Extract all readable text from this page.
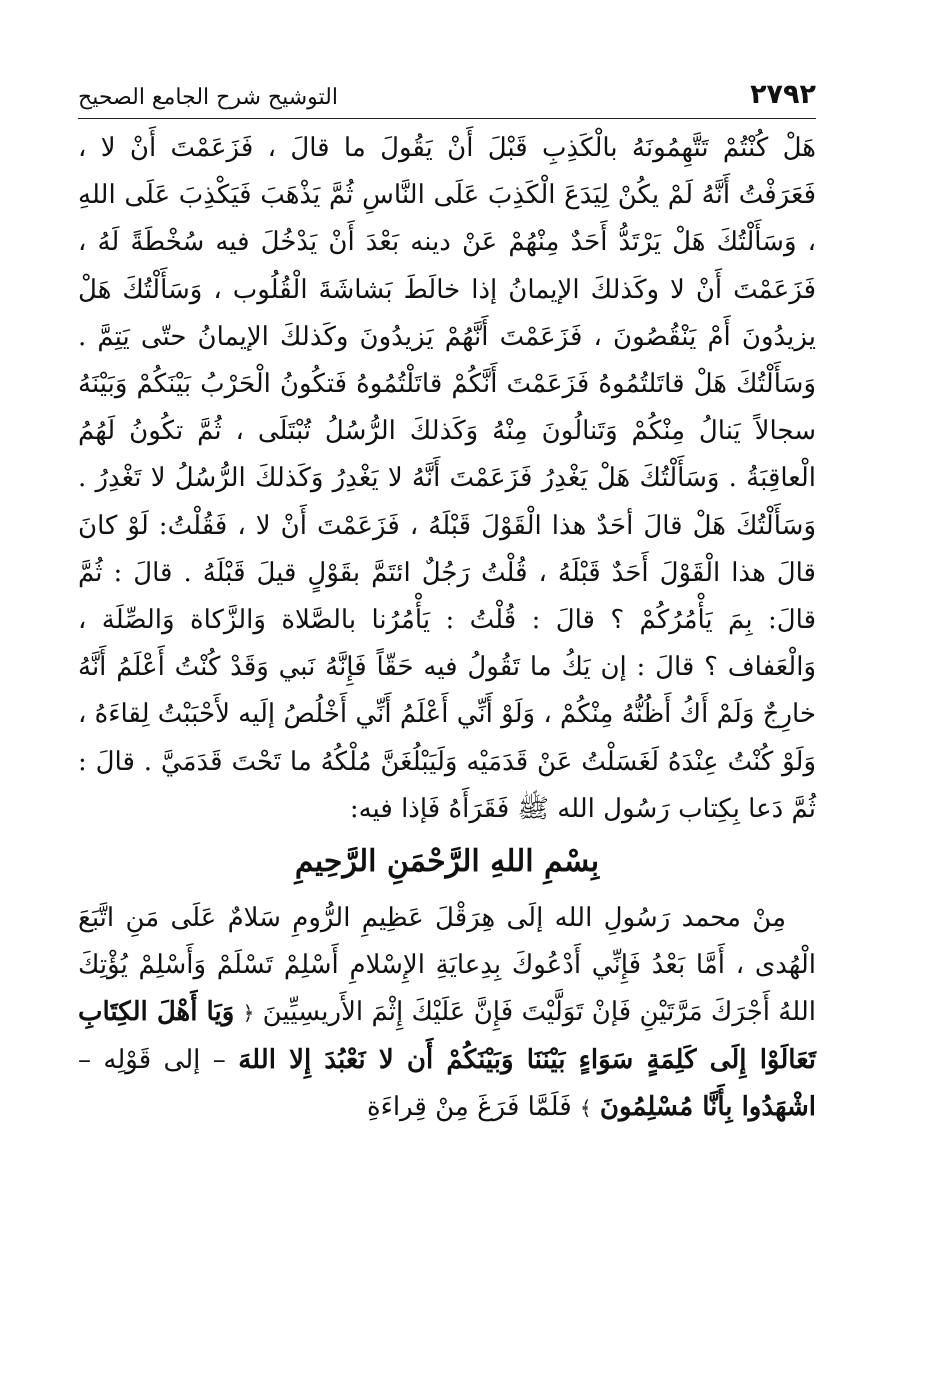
٢٧٩٢
التوشيح شرح الجامع الصحيح

هَلْ كُنْتُمْ تَتَّهِمُونَهُ بالْكَذِبِ قَبْلَ أَنْ يَقُولَ ما قالَ ، فَزَعَمْتَ أَنْ لا ، فَعَرَفْتُ أَنَّهُ لَمْ يكُنْ لِيَدَعَ الْكَذِبَ عَلَى النَّاسِ ثُمَّ يَذْهَبَ فَيَكْذِبَ عَلَى اللهِ ، وَسَأَلْتُكَ هَلْ يَرْتَدُّ أَحَدٌ مِنْهُمْ عَنْ دينه بَعْدَ أَنْ يَدْخُلَ فيه سُخْطَةً لَهُ ، فَزَعَمْتَ أَنْ لا وكَذلكَ الإيمانُ إذا خالَطَ بَشاشَةَ الْقُلُوب ، وَسَأَلْتُكَ هَلْ يزيدُونَ أَمْ يَنْقُصُونَ ، فَزَعَمْتَ أَنَّهُمْ يَزيدُونَ وكَذلكَ الإيمانُ حتّى يَتِمَّ . وَسَأَلْتُكَ هَلْ قاتَلتُمُوهُ فَزَعَمْتَ أَنَّكُمْ قاتَلْتُمُوهُ فَتكُونُ الْحَرْبُ بَيْنَكُمْ وَبَيْنَهُ سجالاً يَنالُ مِنْكُمْ وَتَنالُونَ مِنْهُ وَكَذلكَ الرُّسُلُ تُبْتَلَى ، ثُمَّ تكُونُ لَهُمُ الْعاقِبَةُ . وَسَأَلْتُكَ هَلْ يَغْدِرُ فَزَعَمْتَ أَنَّهُ لا يَغْدِرُ وَكَذلكَ الرُّسُلُ لا تَغْدِرُ . وَسَأَلْتُكَ هَلْ قالَ أحَدٌ هذا الْقَوْلَ قَبْلَهُ ، فَزَعَمْتَ أَنْ لا ، فَقُلْتُ: لَوْ كانَ قالَ هذا الْقَوْلَ أَحَدٌ قَبْلَهُ ، قُلْتُ رَجُلٌ ائتَمَّ بقَوْلٍ قيلَ قَبْلَهُ . قالَ : ثُمَّ قالَ: بِمَ يَأْمُرُكُمْ ؟ قالَ : قُلْتُ : يَأْمُرُنا بالصَّلاة وَالزَّكاة وَالصِّلَة ، وَالْعَفاف ؟ قالَ : إن يَكُ ما تَقُولُ فيه حَقّاً فَإِنَّهُ نَبي وَقَدْ كُنْتُ أَعْلَمُ أَنَّهُ خارِجٌ وَلَمْ أَكُ أَظُنُّهُ مِنْكُمْ ، وَلَوْ أَنِّي أَعْلَمُ أَنِّي أَخْلُصُ إلَيه لأَحْبَبْتُ لِقاءَهُ ، وَلَوْ كُنْتُ عِنْدَهُ لَغَسَلْتُ عَنْ قَدَمَيْه وَلَيَبْلُغَنَّ مُلْكُهُ ما تَحْتَ قَدَمَيَّ . قالَ : ثُمَّ دَعا بِكِتاب رَسُول الله ﷺ فَقَرَأَهُ فَإذا فيه:

بِسْمِ اللهِ الرَّحْمَنِ الرَّحِيمِ

مِنْ محمد رَسُولِ الله إلَى هِرَقْلَ عَظِيمِ الرُّومِ سَلامٌ عَلَى مَنِ اتَّبَعَ الْهُدى ، أَمَّا بَعْدُ فَإِنِّي أَدْعُوكَ بِدِعايَةِ الإِسْلامِ أَسْلِمْ تَسْلَمْ وَأَسْلِمْ يُؤْتِكَ اللهُ أَجْرَكَ مَرَّتَيْنِ فَإنْ تَوَلَّيْتَ فَإِنَّ عَلَيْكَ إِثْمَ الأَريسِيِّينَ ﴿ وَيَا أَهْلَ الكِتَابِ تَعَالَوْا إِلَى كَلِمَةٍ سَوَاءٍ بَيْنَنَا وَبَيْنَكُمْ أَن لا نَعْبُدَ إِلا اللهَ – إلى قَوْلِه – اشْهَدُوا بِأَنَّا مُسْلِمُونَ ﴾ فَلَمَّا فَرَغَ مِنْ قِراءَةِ
